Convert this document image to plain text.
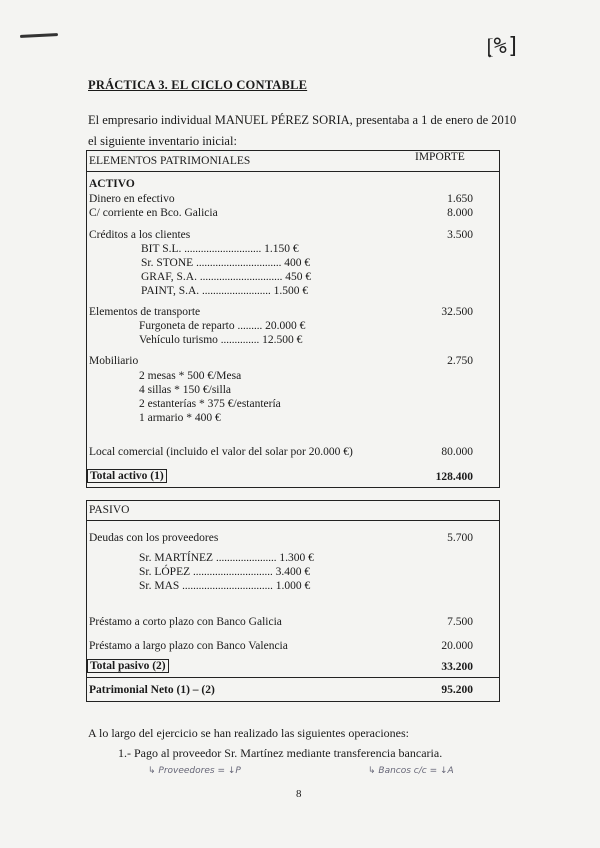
[ᨘ%]
PRÁCTICA 3. EL CICLO CONTABLE
El empresario individual MANUEL PÉREZ SORIA, presentaba a 1 de enero de 2010 el siguiente inventario inicial:
ELEMENTOS PATRIMONIALES	IMPORTE
ACTIVO
Dinero en efectivo	1.650
C/ corriente en Bco. Galicia	8.000
Créditos a los clientes	3.500
BIT S.L. ............................ 1.150 €
Sr. STONE ............................... 400 €
GRAF, S.A. .............................. 450 €
PAINT, S.A. ......................... 1.500 €
Elementos de transporte	32.500
Furgoneta de reparto ......... 20.000 €
Vehículo turismo .............. 12.500 €
Mobiliario	2.750
2 mesas * 500 €/Mesa
4 sillas * 150 €/silla
2 estanterías * 375 €/estantería
1 armario * 400 €
Local comercial (incluido el valor del solar por 20.000 €)	80.000
Total activo (1)	128.400
PASIVO
Deudas con los proveedores	5.700
Sr. MARTÍNEZ ...................... 1.300 €
Sr. LÓPEZ ............................. 3.400 €
Sr. MAS ................................. 1.000 €
Préstamo a corto plazo con Banco Galicia	7.500
Préstamo a largo plazo con Banco Valencia	20.000
Total pasivo (2)	33.200
Patrimonial Neto (1) – (2)	95.200
A lo largo del ejercicio se han realizado las siguientes operaciones:
1.- Pago al proveedor Sr. Martínez mediante transferencia bancaria.
↳ Proveedores = ↓P	↳ Bancos c/c = ↓A
8
